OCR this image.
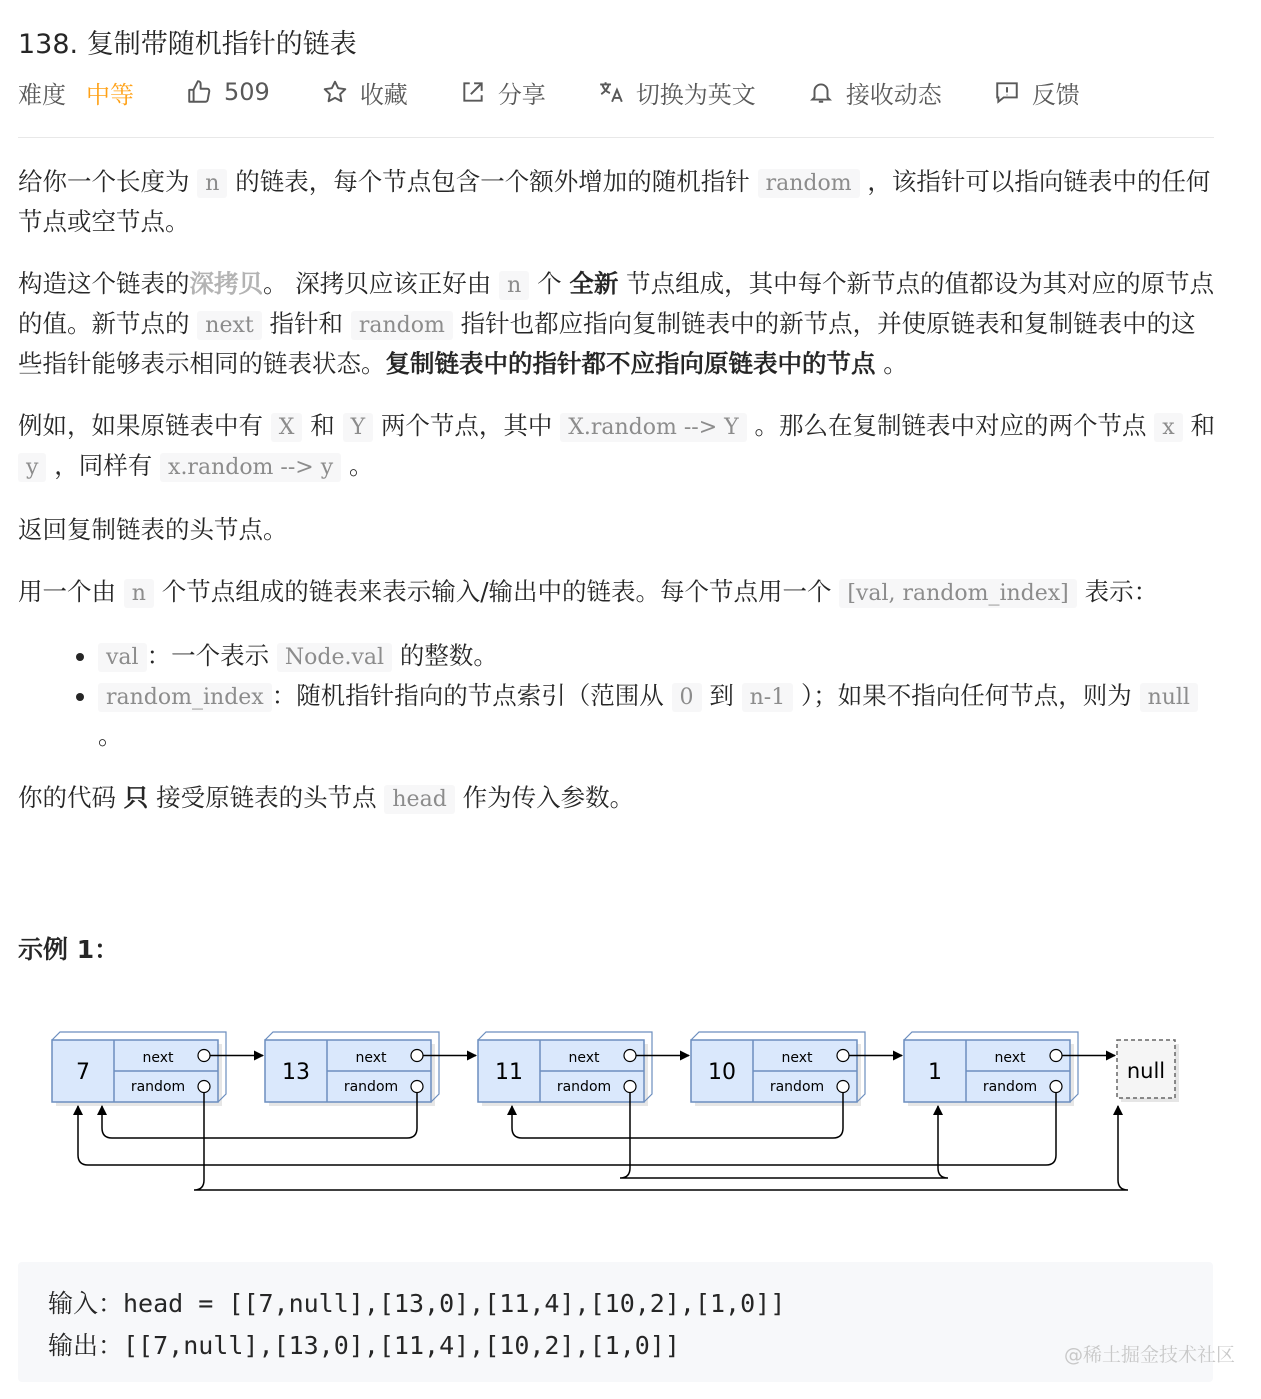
138. 复制带随机指针的链表
难度 中等	509	收藏	分享	切换为英文	接收动态	反馈

给你一个长度为 n 的链表，每个节点包含一个额外增加的随机指针 random ，该指针可以指向链表中的任何节点或空节点。

构造这个链表的深拷贝。 深拷贝应该正好由 n 个 全新 节点组成，其中每个新节点的值都设为其对应的原节点的值。新节点的 next 指针和 random 指针也都应指向复制链表中的新节点，并使原链表和复制链表中的这些指针能够表示相同的链表状态。复制链表中的指针都不应指向原链表中的节点 。

例如，如果原链表中有 X 和 Y 两个节点，其中 X.random --> Y 。那么在复制链表中对应的两个节点 x 和 y ，同样有 x.random --> y 。

返回复制链表的头节点。

用一个由 n 个节点组成的链表来表示输入/输出中的链表。每个节点用一个 [val, random_index] 表示：

• val ：一个表示 Node.val 的整数。
• random_index ：随机指针指向的节点索引（范围从 0 到 n-1 ）；如果不指向任何节点，则为 null 。

你的代码 只 接受原链表的头节点 head 作为传入参数。

示例 1：
7
next
random
13
next
random
11
next
random
10
next
random
1
next
random
null
输入：head = [[7,null],[13,0],[11,4],[10,2],[1,0]]
输出：[[7,null],[13,0],[11,4],[10,2],[1,0]]	@稀土掘金技术社区
